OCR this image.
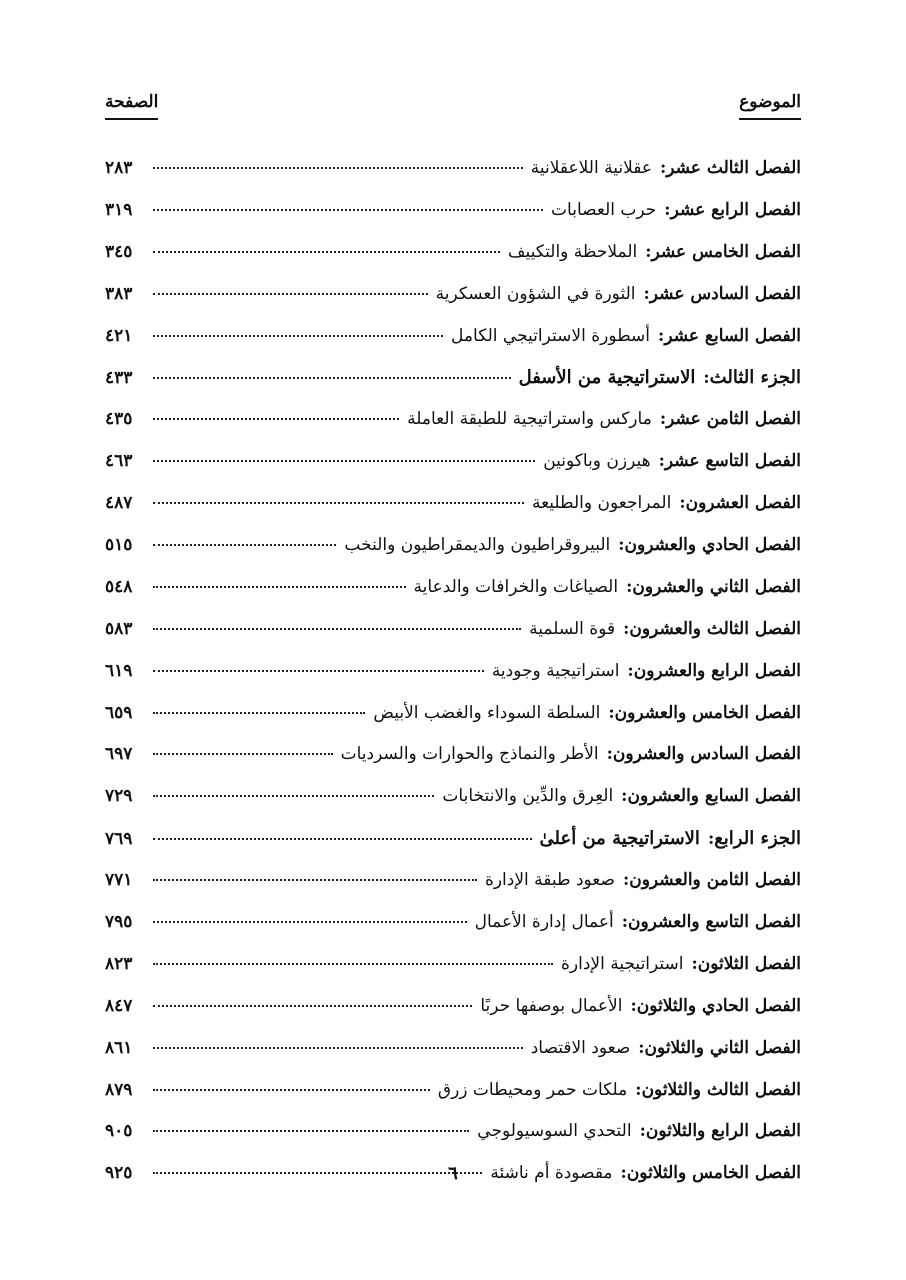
الموضوع
الصفحة
الفصل الثالث عشر
:
عقلانية اللاعقلانية
٢٨٣
الفصل الرابع عشر
:
حرب العصابات
٣١٩
الفصل الخامس عشر
:
الملاحظة والتكييف
٣٤٥
الفصل السادس عشر
:
الثورة في الشؤون العسكرية
٣٨٣
الفصل السابع عشر
:
أسطورة الاستراتيجي الكامل
٤٢١
الجزء الثالث
:
الاستراتيجية من الأسفل
٤٣٣
الفصل الثامن عشر
:
ماركس واستراتيجية للطبقة العاملة
٤٣٥
الفصل التاسع عشر
:
هيرزن وباكونين
٤٦٣
الفصل العشرون
:
المراجعون والطليعة
٤٨٧
الفصل الحادي والعشرون
:
البيروقراطيون والديمقراطيون والنخب
٥١٥
الفصل الثاني والعشرون
:
الصياغات والخرافات والدعاية
٥٤٨
الفصل الثالث والعشرون
:
قوة السلمية
٥٨٣
الفصل الرابع والعشرون
:
استراتيجية وجودية
٦١٩
الفصل الخامس والعشرون
:
السلطة السوداء والغضب الأبيض
٦٥٩
الفصل السادس والعشرون
:
الأطر والنماذج والحوارات والسرديات
٦٩٧
الفصل السابع والعشرون
:
العِرق والدِّين والانتخابات
٧٢٩
الجزء الرابع
:
الاستراتيجية من أعلىٰ
٧٦٩
الفصل الثامن والعشرون
:
صعود طبقة الإدارة
٧٧١
الفصل التاسع والعشرون
:
أعمال إدارة الأعمال
٧٩٥
الفصل الثلاثون
:
استراتيجية الإدارة
٨٢٣
الفصل الحادي والثلاثون
:
الأعمال بوصفها حربًا
٨٤٧
الفصل الثاني والثلاثون
:
صعود الاقتصاد
٨٦١
الفصل الثالث والثلاثون
:
ملكات حمر ومحيطات زرق
٨٧٩
الفصل الرابع والثلاثون
:
التحدي السوسيولوجي
٩٠٥
الفصل الخامس والثلاثون
:
مقصودة أم ناشئة
٩٢٥	٦
